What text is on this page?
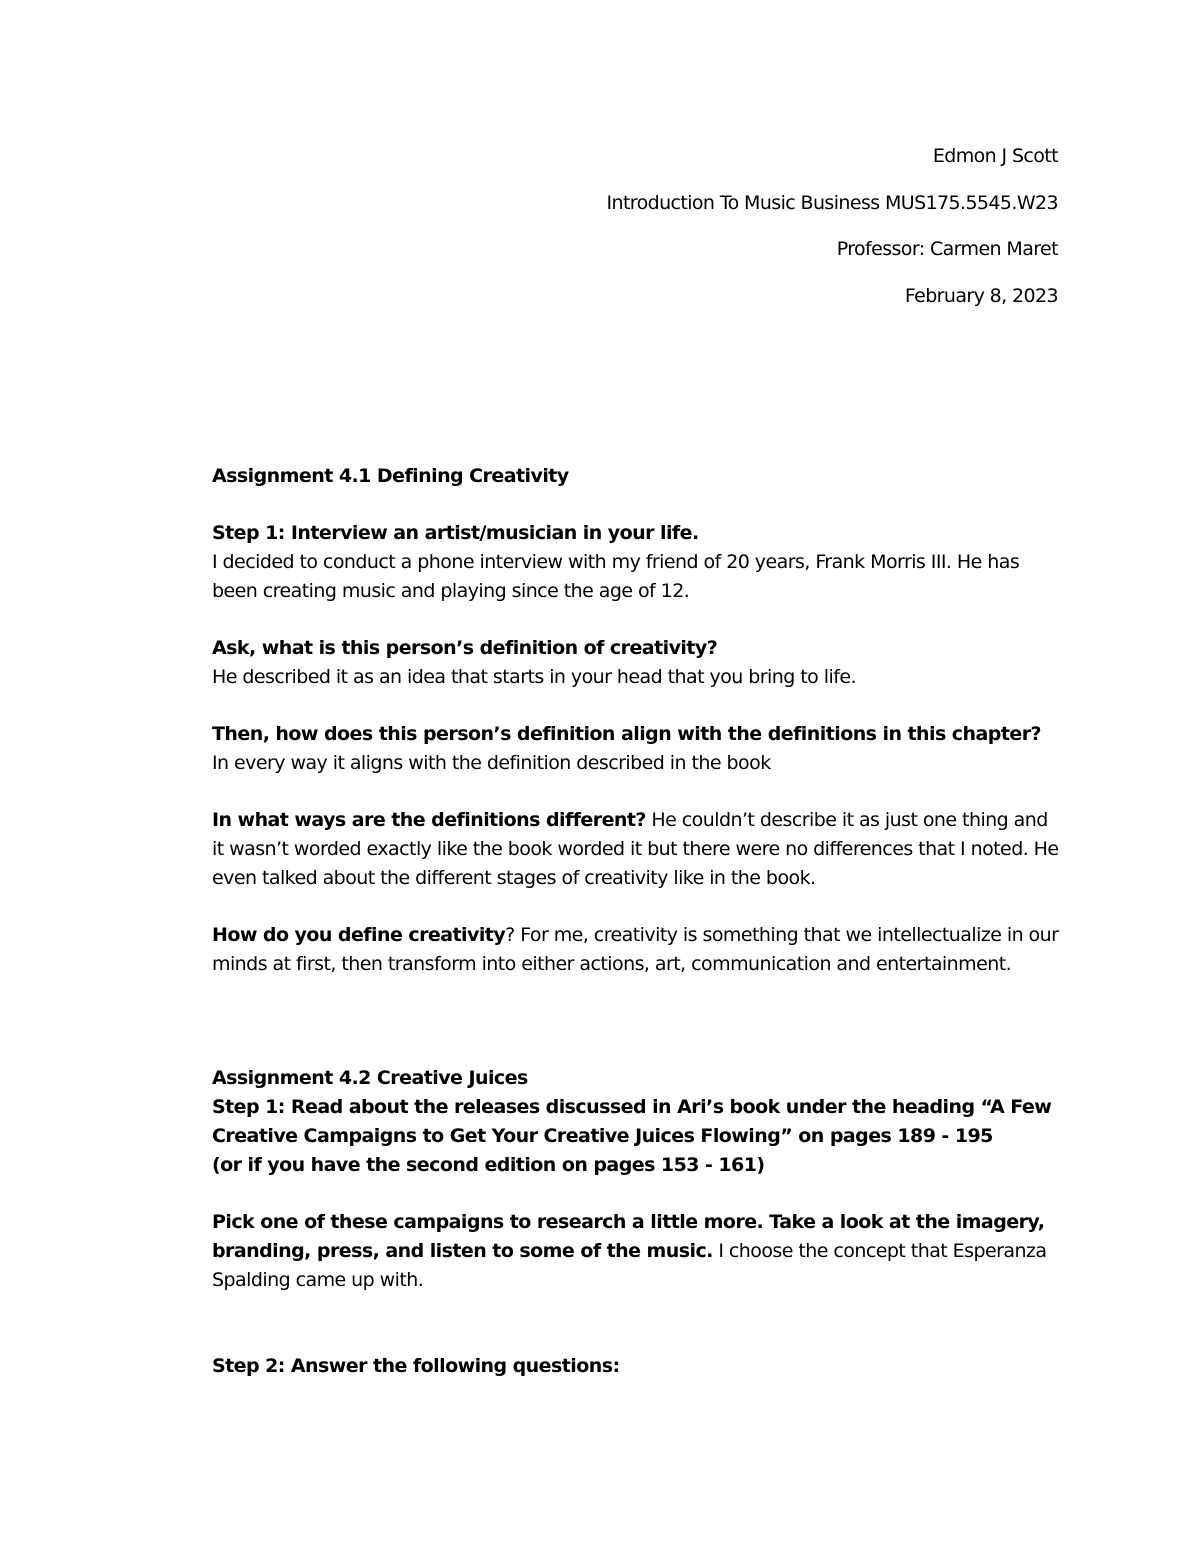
Edmon J Scott
Introduction To Music Business MUS175.5545.W23
Professor: Carmen Maret
February 8, 2023

Assignment 4.1 Defining Creativity

Step 1: Interview an artist/musician in your life.

I decided to conduct a phone interview with my friend of 20 years, Frank Morris III. He has been creating music and playing since the age of 12.

Ask, what is this person’s definition of creativity?

He described it as an idea that starts in your head that you bring to life.

Then, how does this person’s definition align with the definitions in this chapter? In every way it aligns with the definition described in the book

In what ways are the definitions different? He couldn’t describe it as just one thing and it wasn’t worded exactly like the book worded it but there were no differences that I noted. He even talked about the different stages of creativity like in the book.

How do you define creativity? For me, creativity is something that we intellectualize in our minds at first, then transform into either actions, art, communication and entertainment.

Assignment 4.2 Creative Juices

Step 1: Read about the releases discussed in Ari’s book under the heading “A Few Creative Campaigns to Get Your Creative Juices Flowing” on pages 189 - 195

(or if you have the second edition on pages 153 - 161)

Pick one of these campaigns to research a little more. Take a look at the imagery, branding, press, and listen to some of the music. I choose the concept that Esperanza Spalding came up with.

Step 2: Answer the following questions:
